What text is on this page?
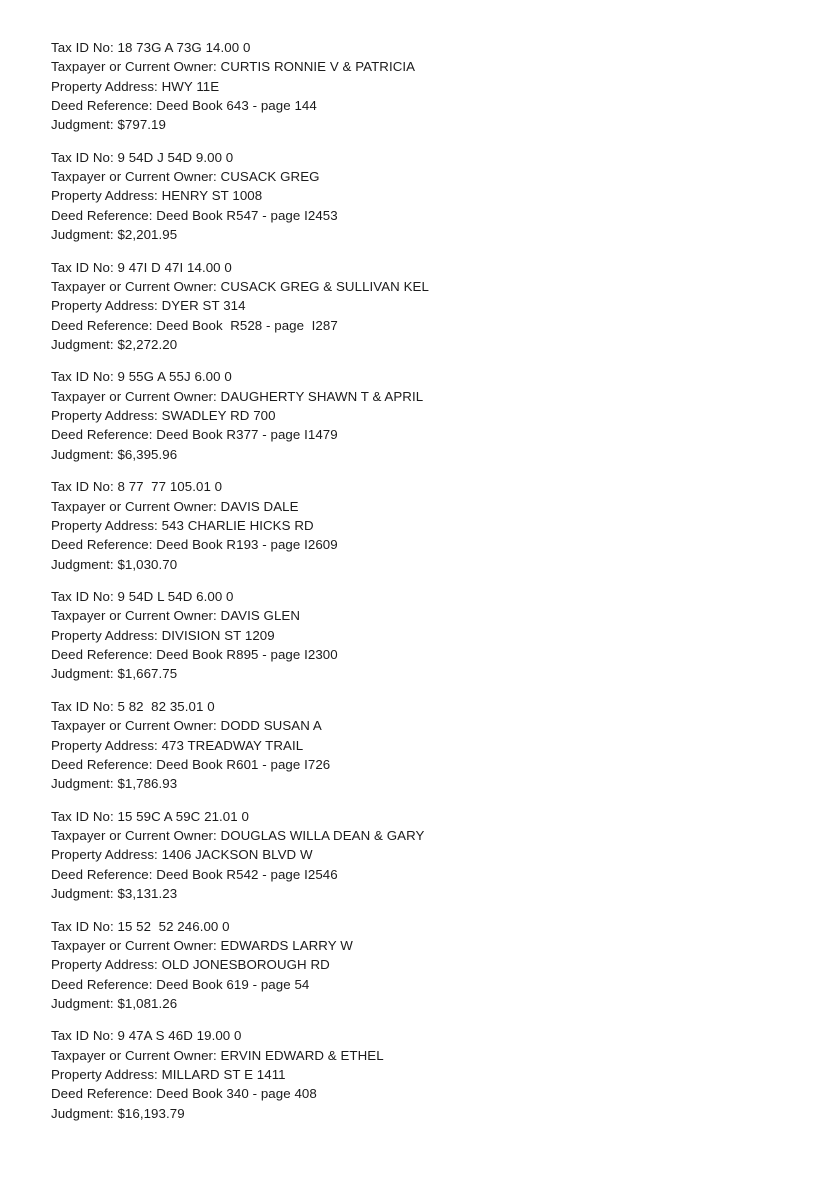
Tax ID No: 18 73G A 73G 14.00 0
Taxpayer or Current Owner: CURTIS RONNIE V & PATRICIA
Property Address: HWY 11E
Deed Reference: Deed Book 643 - page 144
Judgment: $797.19
Tax ID No: 9 54D J 54D 9.00 0
Taxpayer or Current Owner: CUSACK GREG
Property Address: HENRY ST 1008
Deed Reference: Deed Book R547 - page I2453
Judgment: $2,201.95
Tax ID No: 9 47I D 47I 14.00 0
Taxpayer or Current Owner: CUSACK GREG & SULLIVAN KEL
Property Address: DYER ST 314
Deed Reference: Deed Book  R528 - page  I287
Judgment: $2,272.20
Tax ID No: 9 55G A 55J 6.00 0
Taxpayer or Current Owner: DAUGHERTY SHAWN T & APRIL
Property Address: SWADLEY RD 700
Deed Reference: Deed Book R377 - page I1479
Judgment: $6,395.96
Tax ID No: 8 77  77 105.01 0
Taxpayer or Current Owner: DAVIS DALE
Property Address: 543 CHARLIE HICKS RD
Deed Reference: Deed Book R193 - page I2609
Judgment: $1,030.70
Tax ID No: 9 54D L 54D 6.00 0
Taxpayer or Current Owner: DAVIS GLEN
Property Address: DIVISION ST 1209
Deed Reference: Deed Book R895 - page I2300
Judgment: $1,667.75
Tax ID No: 5 82  82 35.01 0
Taxpayer or Current Owner: DODD SUSAN A
Property Address: 473 TREADWAY TRAIL
Deed Reference: Deed Book R601 - page I726
Judgment: $1,786.93
Tax ID No: 15 59C A 59C 21.01 0
Taxpayer or Current Owner: DOUGLAS WILLA DEAN & GARY
Property Address: 1406 JACKSON BLVD W
Deed Reference: Deed Book R542 - page I2546
Judgment: $3,131.23
Tax ID No: 15 52  52 246.00 0
Taxpayer or Current Owner: EDWARDS LARRY W
Property Address: OLD JONESBOROUGH RD
Deed Reference: Deed Book 619 - page 54
Judgment: $1,081.26
Tax ID No: 9 47A S 46D 19.00 0
Taxpayer or Current Owner: ERVIN EDWARD & ETHEL
Property Address: MILLARD ST E 1411
Deed Reference: Deed Book 340 - page 408
Judgment: $16,193.79
